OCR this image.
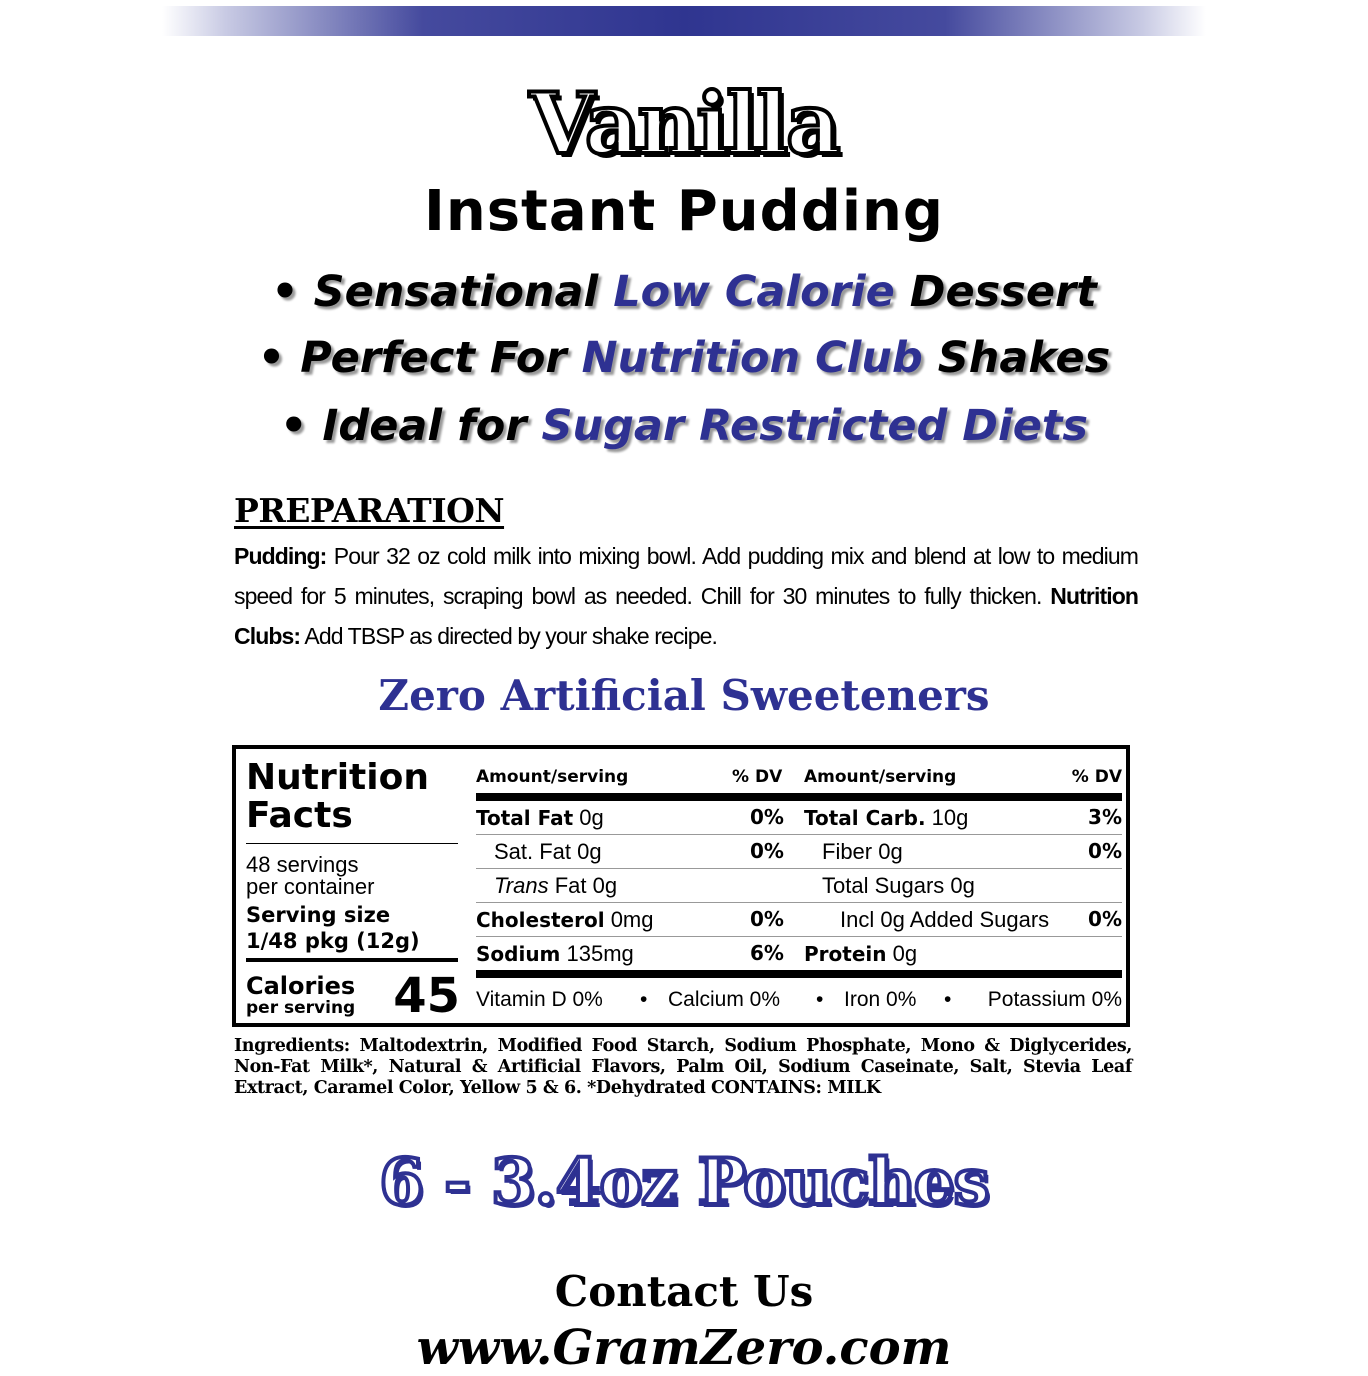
Vanilla
Instant Pudding
• Sensational Low Calorie Dessert
• Perfect For Nutrition Club Shakes
• Ideal for Sugar Restricted Diets
PREPARATION
Pudding: Pour 32 oz cold milk into mixing bowl. Add pudding mix and blend at low to medium speed for 5 minutes, scraping bowl as needed. Chill for 30 minutes to fully thicken. Nutrition Clubs: Add TBSP as directed by your shake recipe.
Zero Artificial Sweeteners
Nutrition
Facts
48 servings
per container
Serving size
1/48 pkg (12g)
Calories
per serving 45
Amount/serving	% DV Amount/serving	% DV
Total Fat 0g	0% Total Carb. 10g	3%
Sat. Fat 0g	0% Fiber 0g	0%
Trans Fat 0g	Total Sugars 0g
Cholesterol 0mg	0%	Incl 0g Added Sugars 0%
Sodium 135mg	6% Protein 0g
Vitamin D 0% • Calcium 0% • Iron 0% • Potassium 0%
Ingredients: Maltodextrin, Modified Food Starch, Sodium Phosphate, Mono & Diglycerides, Non-Fat Milk*, Natural & Artificial Flavors, Palm Oil, Sodium Caseinate, Salt, Stevia Leaf Extract, Caramel Color, Yellow 5 & 6. *Dehydrated CONTAINS: MILK
6 - 3.4oz Pouches
Contact Us
www.GramZero.com
